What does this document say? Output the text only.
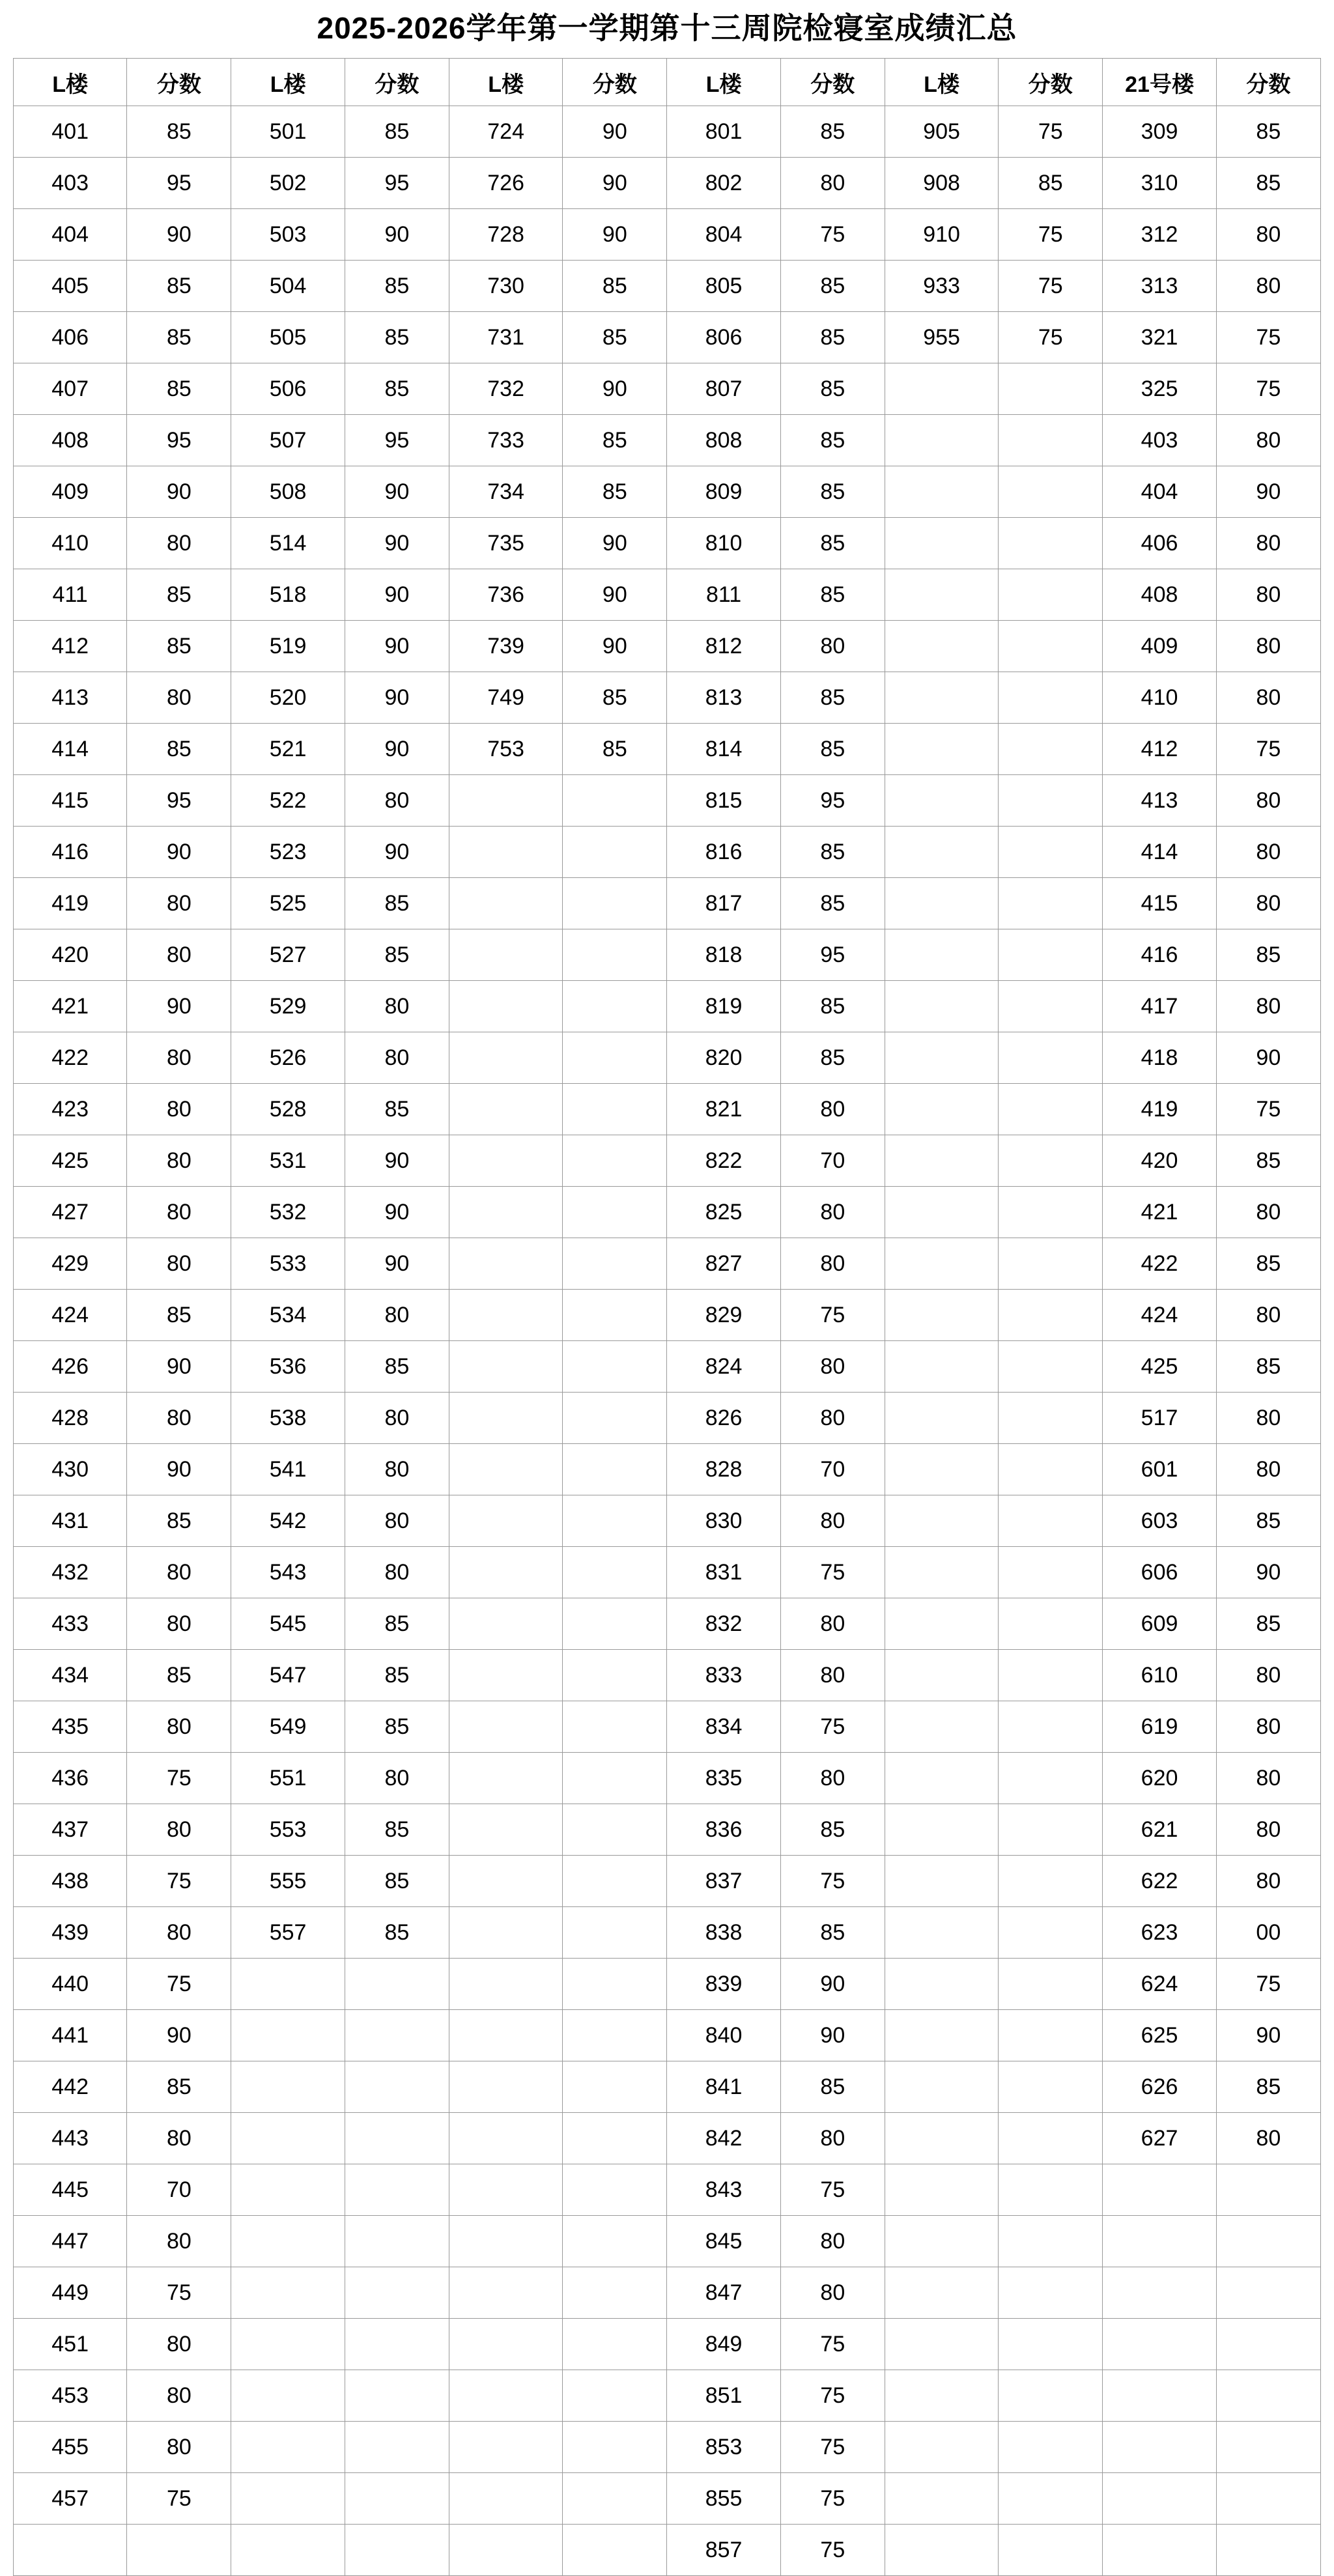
2025-2026学年第一学期第十三周院检寝室成绩汇总
L楼	分数	L楼	分数	L楼	分数	L楼	分数	L楼	分数	21号楼	分数
401	85	501	85	724	90	801	85	905	75	309	85
403	95	502	95	726	90	802	80	908	85	310	85
404	90	503	90	728	90	804	75	910	75	312	80
405	85	504	85	730	85	805	85	933	75	313	80
406	85	505	85	731	85	806	85	955	75	321	75
407	85	506	85	732	90	807	85			325	75
408	95	507	95	733	85	808	85			403	80
409	90	508	90	734	85	809	85			404	90
410	80	514	90	735	90	810	85			406	80
411	85	518	90	736	90	811	85			408	80
412	85	519	90	739	90	812	80			409	80
413	80	520	90	749	85	813	85			410	80
414	85	521	90	753	85	814	85			412	75
415	95	522	80			815	95			413	80
416	90	523	90			816	85			414	80
419	80	525	85			817	85			415	80
420	80	527	85			818	95			416	85
421	90	529	80			819	85			417	80
422	80	526	80			820	85			418	90
423	80	528	85			821	80			419	75
425	80	531	90			822	70			420	85
427	80	532	90			825	80			421	80
429	80	533	90			827	80			422	85
424	85	534	80			829	75			424	80
426	90	536	85			824	80			425	85
428	80	538	80			826	80			517	80
430	90	541	80			828	70			601	80
431	85	542	80			830	80			603	85
432	80	543	80			831	75			606	90
433	80	545	85			832	80			609	85
434	85	547	85			833	80			610	80
435	80	549	85			834	75			619	80
436	75	551	80			835	80			620	80
437	80	553	85			836	85			621	80
438	75	555	85			837	75			622	80
439	80	557	85			838	85			623	00
440	75					839	90			624	75
441	90					840	90			625	90
442	85					841	85			626	85
443	80					842	80			627	80
445	70					843	75				
447	80					845	80				
449	75					847	80				
451	80					849	75				
453	80					851	75				
455	80					853	75				
457	75					855	75				
						857	75				
